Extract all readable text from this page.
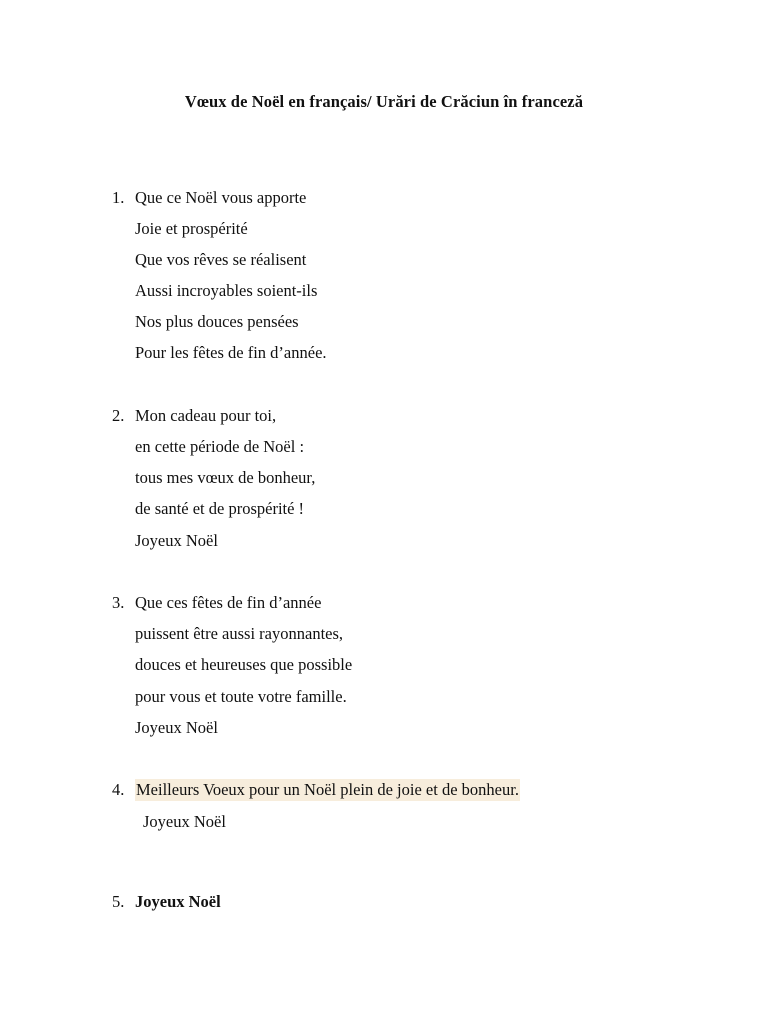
Vœux de Noël en français/ Urări de Crăciun în franceză
1. Que ce Noël vous apporte
Joie et prospérité
Que vos rêves se réalisent
Aussi incroyables soient-ils
Nos plus douces pensées
Pour les fêtes de fin d’année.
2. Mon cadeau pour toi,
en cette période de Noël :
tous mes vœux de bonheur,
de santé et de prospérité !
Joyeux Noël
3. Que ces fêtes de fin d’année
puissent être aussi rayonnantes,
douces et heureuses que possible
pour vous et toute votre famille.
Joyeux Noël
4. Meilleurs Voeux pour un Noël plein de joie et de bonheur.
Joyeux Noël
5. Joyeux Noël
